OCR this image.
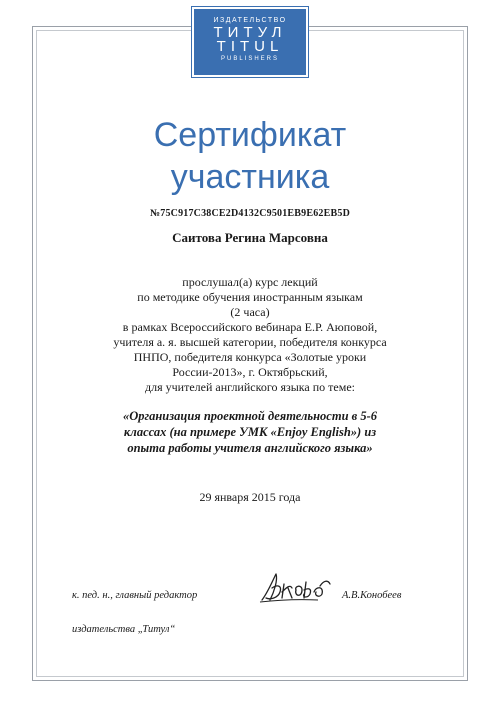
ИЗДАТЕЛЬСТВО
ТИТУЛ
TITUL
PUBLISHERS
Сертификат
участника
№75C917C38CE2D4132C9501EB9E62EB5D
Саитова Регина Марсовна
прослушал(а) курс лекций
по методике обучения иностранным языкам
(2 часа)
в рамках Всероссийского вебинара Е.Р. Аюповой,
учителя а. я. высшей категории, победителя конкурса
ПНПО, победителя конкурса «Золотые уроки
России-2013», г. Октябрьский,
для учителей английского языка по теме:
«Организация проектной деятельности в 5-6
классах (на примере УМК «Enjoy English») из
опыта работы учителя английского языка»
29 января 2015 года
к. пед. н., главный редактор
издательства „Титул“
А.В.Конобеев
